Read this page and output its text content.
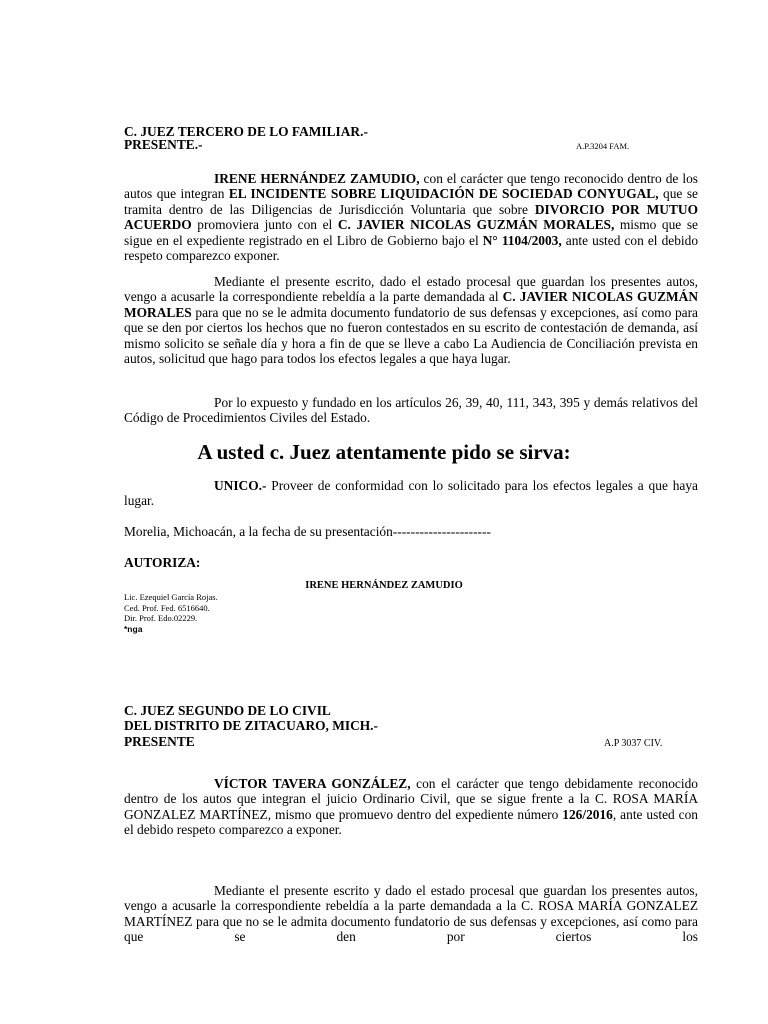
C. JUEZ TERCERO DE LO FAMILIAR.-
PRESENTE.-	A.P.3204 FAM.
IRENE HERNÁNDEZ ZAMUDIO, con el carácter que tengo reconocido dentro de los autos que integran EL INCIDENTE SOBRE LIQUIDACIÓN DE SOCIEDAD CONYUGAL, que se tramita dentro de las Diligencias de Jurisdicción Voluntaria que sobre DIVORCIO POR MUTUO ACUERDO promoviera junto con el C. JAVIER NICOLAS GUZMÁN MORALES, mismo que se sigue en el expediente registrado en el Libro de Gobierno bajo el N° 1104/2003, ante usted con el debido respeto comparezco exponer.
Mediante el presente escrito, dado el estado procesal que guardan los presentes autos, vengo a acusarle la correspondiente rebeldía a la parte demandada al C. JAVIER NICOLAS GUZMÁN MORALES para que no se le admita documento fundatorio de sus defensas y excepciones, así como para que se den por ciertos los hechos que no fueron contestados en su escrito de contestación de demanda, así mismo solicito se señale día y hora a fin de que se lleve a cabo La Audiencia de Conciliación prevista en autos, solicitud que hago para todos los efectos legales a que haya lugar.
Por lo expuesto y fundado en los artículos 26, 39, 40, 111, 343, 395 y demás relativos del Código de Procedimientos Civiles del Estado.
A usted c. Juez atentamente pido se sirva:
UNICO.- Proveer de conformidad con lo solicitado para los efectos legales a que haya lugar.
Morelia, Michoacán, a la fecha de su presentación----------------------
AUTORIZA:
IRENE HERNÁNDEZ ZAMUDIO
Lic. Ezequiel García Rojas.
Ced. Prof. Fed. 6516640.
Dir. Prof. Edo.02229.
*nga
C. JUEZ SEGUNDO DE LO CIVIL
DEL DISTRITO DE ZITACUARO, MICH.-
PRESENTE	A.P 3037 CIV.
VÍCTOR TAVERA GONZÁLEZ, con el carácter que tengo debidamente reconocido dentro de los autos que integran el juicio Ordinario Civil, que se sigue frente a la C. ROSA MARÍA GONZALEZ MARTÍNEZ, mismo que promuevo dentro del expediente número 126/2016, ante usted con el debido respeto comparezco a exponer.
Mediante el presente escrito y dado el estado procesal que guardan los presentes autos, vengo a acusarle la correspondiente rebeldía a la parte demandada a la C. ROSA MARÍA GONZALEZ MARTÍNEZ para que no se le admita documento fundatorio de sus defensas y excepciones, así como para que se den por ciertos los
